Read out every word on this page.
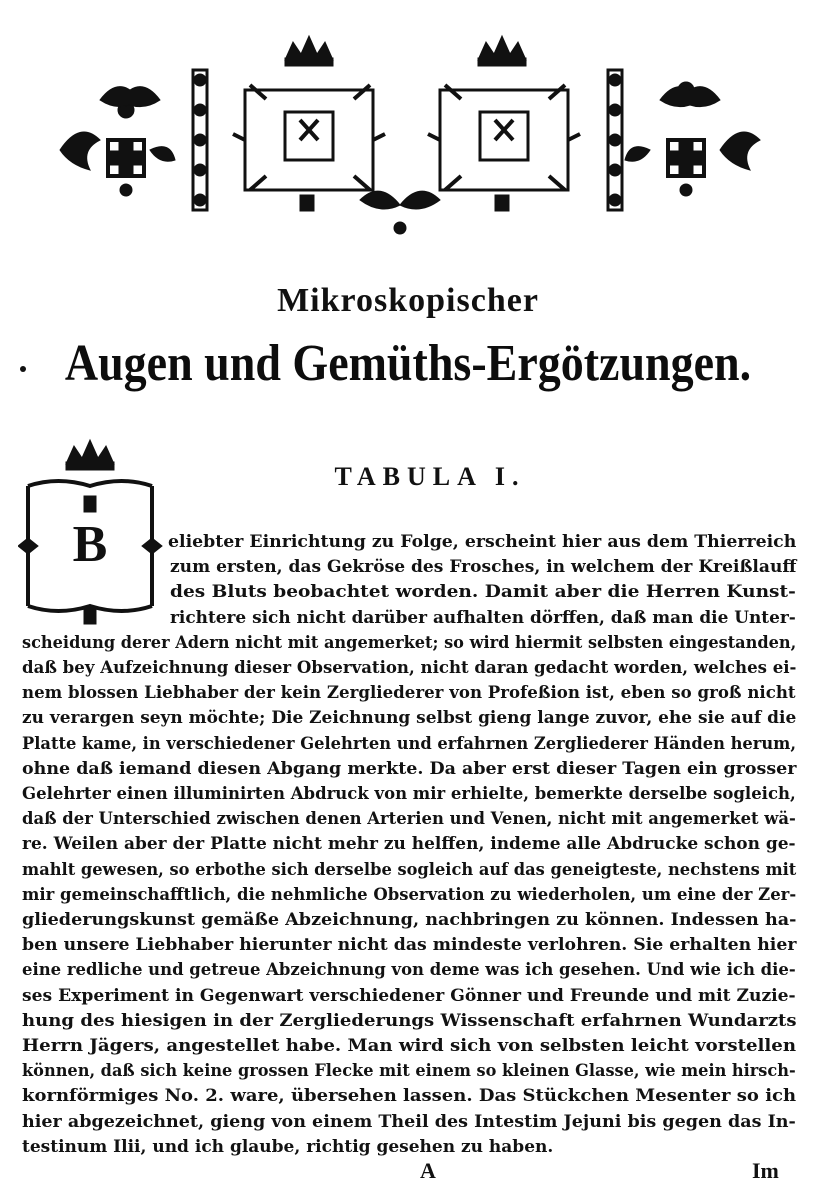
Mikroskopischer
Augen und Gemüths-Ergötzungen.
TABULA I.
B	eliebter Einrichtung zu Folge, erscheint hier aus dem Thierreich
zum ersten, das Gekröse des Frosches, in welchem der Kreißlauff
des Bluts beobachtet worden. Damit aber die Herren Kunst-
richtere sich nicht darüber aufhalten dörffen, daß man die Unter-
scheidung derer Adern nicht mit angemerket; so wird hiermit selbsten eingestanden,
daß bey Aufzeichnung dieser Observation, nicht daran gedacht worden, welches ei-
nem blossen Liebhaber der kein Zergliederer von Profeßion ist, eben so groß nicht
zu verargen seyn möchte; Die Zeichnung selbst gieng lange zuvor, ehe sie auf die
Platte kame, in verschiedener Gelehrten und erfahrnen Zergliederer Händen herum,
ohne daß iemand diesen Abgang merkte. Da aber erst dieser Tagen ein grosser
Gelehrter einen illuminirten Abdruck von mir erhielte, bemerkte derselbe sogleich,
daß der Unterschied zwischen denen Arterien und Venen, nicht mit angemerket wä-
re. Weilen aber der Platte nicht mehr zu helffen, indeme alle Abdrucke schon ge-
mahlt gewesen, so erbothe sich derselbe sogleich auf das geneigteste, nechstens mit
mir gemeinschafftlich, die nehmliche Observation zu wiederholen, um eine der Zer-
gliederungskunst gemäße Abzeichnung, nachbringen zu können. Indessen ha-
ben unsere Liebhaber hierunter nicht das mindeste verlohren. Sie erhalten hier
eine redliche und getreue Abzeichnung von deme was ich gesehen. Und wie ich die-
ses Experiment in Gegenwart verschiedener Gönner und Freunde und mit Zuzie-
hung des hiesigen in der Zergliederungs Wissenschaft erfahrnen Wundarzts
Herrn Jägers, angestellet habe. Man wird sich von selbsten leicht vorstellen
können, daß sich keine grossen Flecke mit einem so kleinen Glasse, wie mein hirsch-
kornförmiges No. 2. ware, übersehen lassen. Das Stückchen Mesenter so ich
hier abgezeichnet, gieng von einem Theil des Intestim Jejuni bis gegen das In-
testinum Ilii, und ich glaube, richtig gesehen zu haben.
A	Im
